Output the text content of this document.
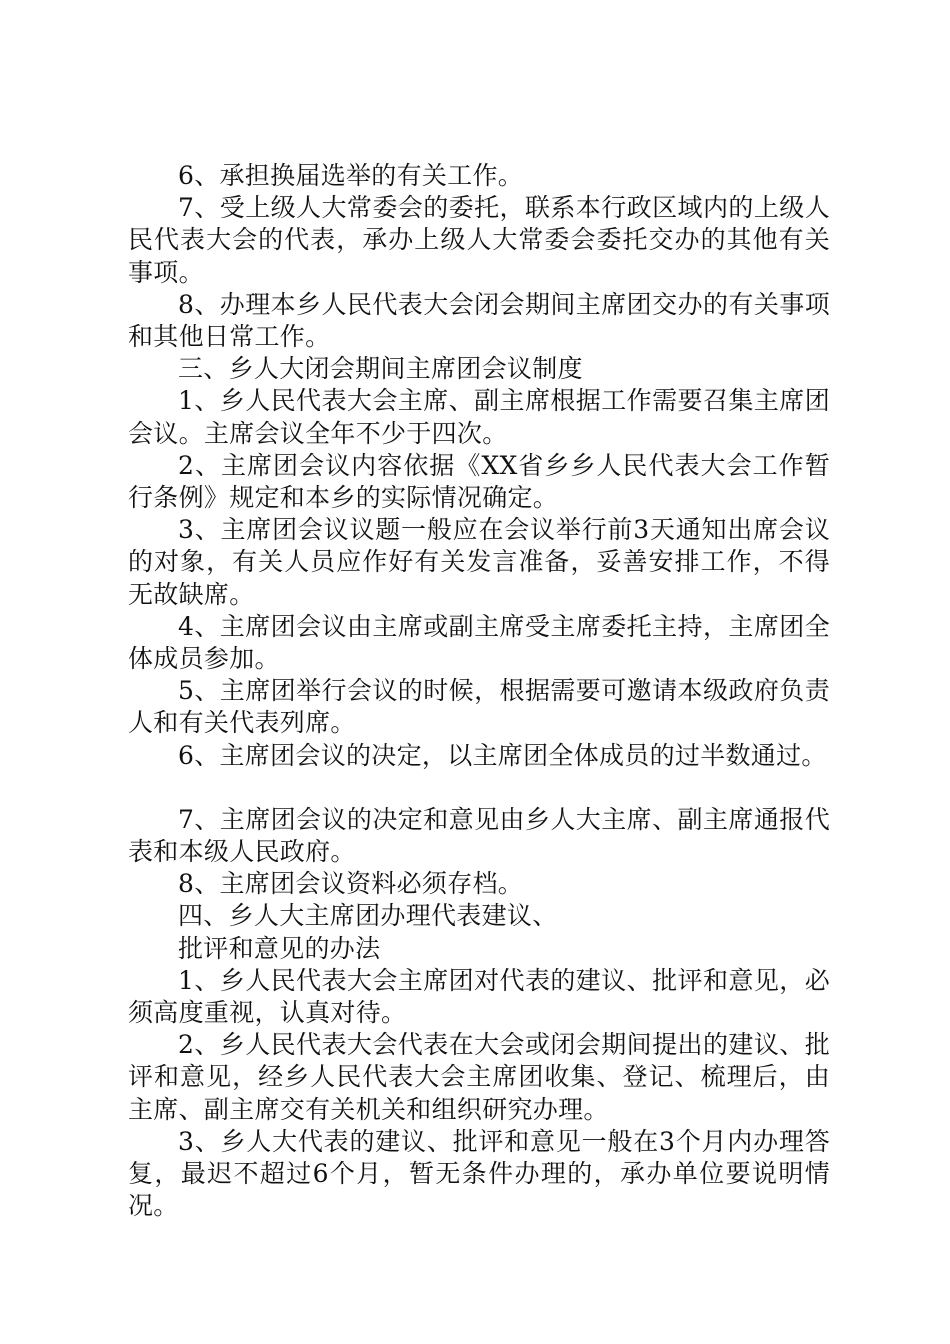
6、承担换届选举的有关工作。

7、受上级人大常委会的委托，联系本行政区域内的上级人民代表大会的代表，承办上级人大常委会委托交办的其他有关事项。

8、办理本乡人民代表大会闭会期间主席团交办的有关事项和其他日常工作。

三、乡人大闭会期间主席团会议制度

1、乡人民代表大会主席、副主席根据工作需要召集主席团会议。主席会议全年不少于四次。

2、主席团会议内容依据《XX省乡乡人民代表大会工作暂行条例》规定和本乡的实际情况确定。

3、主席团会议议题一般应在会议举行前3天通知出席会议的对象，有关人员应作好有关发言准备，妥善安排工作，不得无故缺席。

4、主席团会议由主席或副主席受主席委托主持，主席团全体成员参加。

5、主席团举行会议的时候，根据需要可邀请本级政府负责人和有关代表列席。

6、主席团会议的决定，以主席团全体成员的过半数通过。

7、主席团会议的决定和意见由乡人大主席、副主席通报代表和本级人民政府。

8、主席团会议资料必须存档。

四、乡人大主席团办理代表建议、

批评和意见的办法

1、乡人民代表大会主席团对代表的建议、批评和意见，必须高度重视，认真对待。

2、乡人民代表大会代表在大会或闭会期间提出的建议、批评和意见，经乡人民代表大会主席团收集、登记、梳理后，由主席、副主席交有关机关和组织研究办理。

3、乡人大代表的建议、批评和意见一般在3个月内办理答复，最迟不超过6个月，暂无条件办理的，承办单位要说明情况。
